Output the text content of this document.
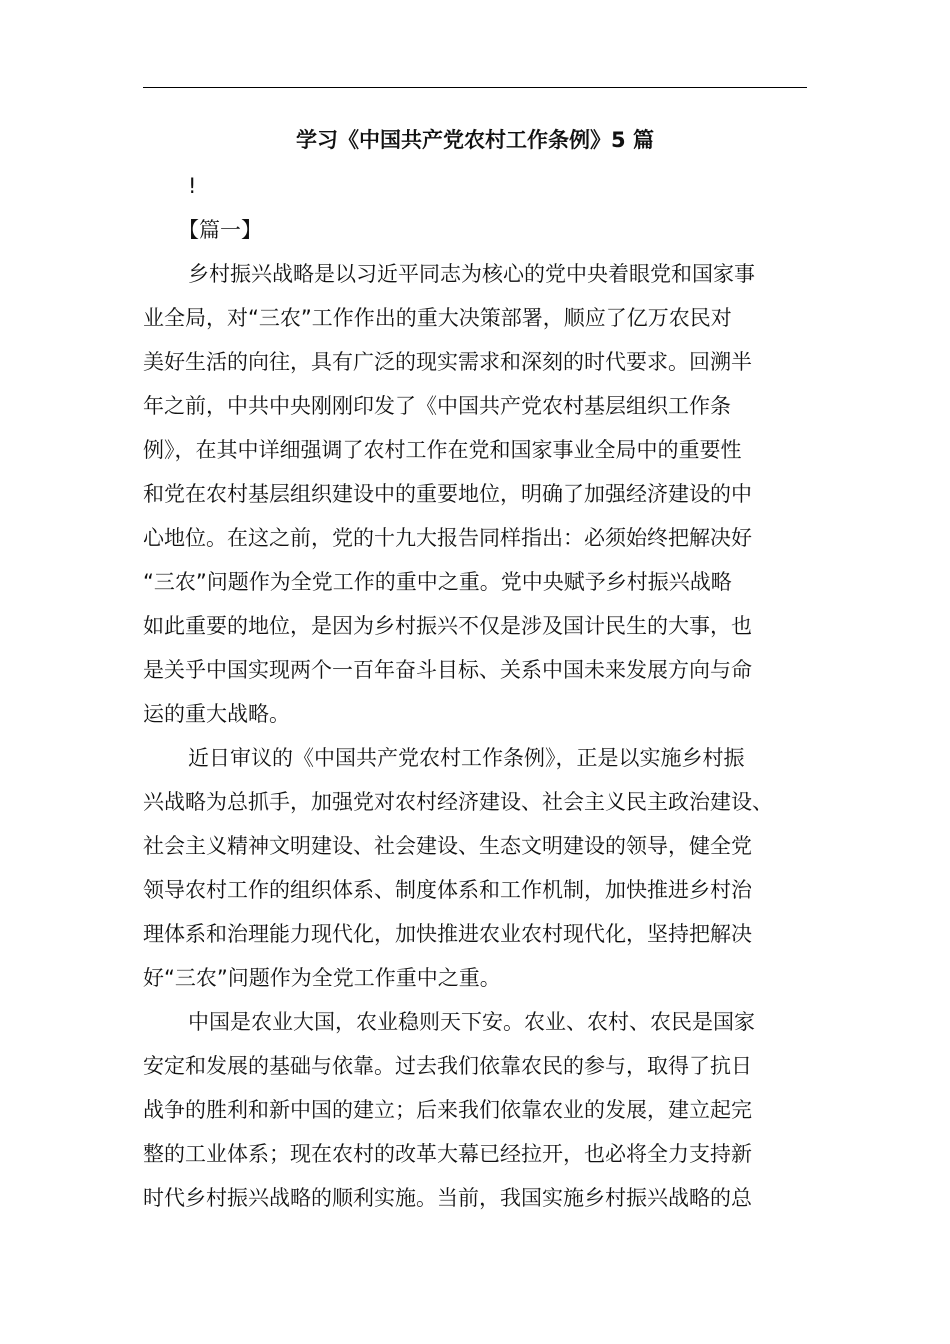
学习《中国共产党农村工作条例》5 篇
!
【篇一】
乡村振兴战略是以习近平同志为核心的党中央着眼党和国家事
业全局，对“三农”工作作出的重大决策部署，顺应了亿万农民对
美好生活的向往，具有广泛的现实需求和深刻的时代要求。回溯半
年之前，中共中央刚刚印发了《中国共产党农村基层组织工作条
例》，在其中详细强调了农村工作在党和国家事业全局中的重要性
和党在农村基层组织建设中的重要地位，明确了加强经济建设的中
心地位。在这之前，党的十九大报告同样指出：必须始终把解决好
“三农”问题作为全党工作的重中之重。党中央赋予乡村振兴战略
如此重要的地位，是因为乡村振兴不仅是涉及国计民生的大事，也
是关乎中国实现两个一百年奋斗目标、关系中国未来发展方向与命
运的重大战略。
近日审议的《中国共产党农村工作条例》，正是以实施乡村振
兴战略为总抓手，加强党对农村经济建设、社会主义民主政治建设、
社会主义精神文明建设、社会建设、生态文明建设的领导，健全党
领导农村工作的组织体系、制度体系和工作机制，加快推进乡村治
理体系和治理能力现代化，加快推进农业农村现代化，坚持把解决
好“三农”问题作为全党工作重中之重。
中国是农业大国，农业稳则天下安。农业、农村、农民是国家
安定和发展的基础与依靠。过去我们依靠农民的参与，取得了抗日
战争的胜利和新中国的建立；后来我们依靠农业的发展，建立起完
整的工业体系；现在农村的改革大幕已经拉开，也必将全力支持新
时代乡村振兴战略的顺利实施。当前，我国实施乡村振兴战略的总
